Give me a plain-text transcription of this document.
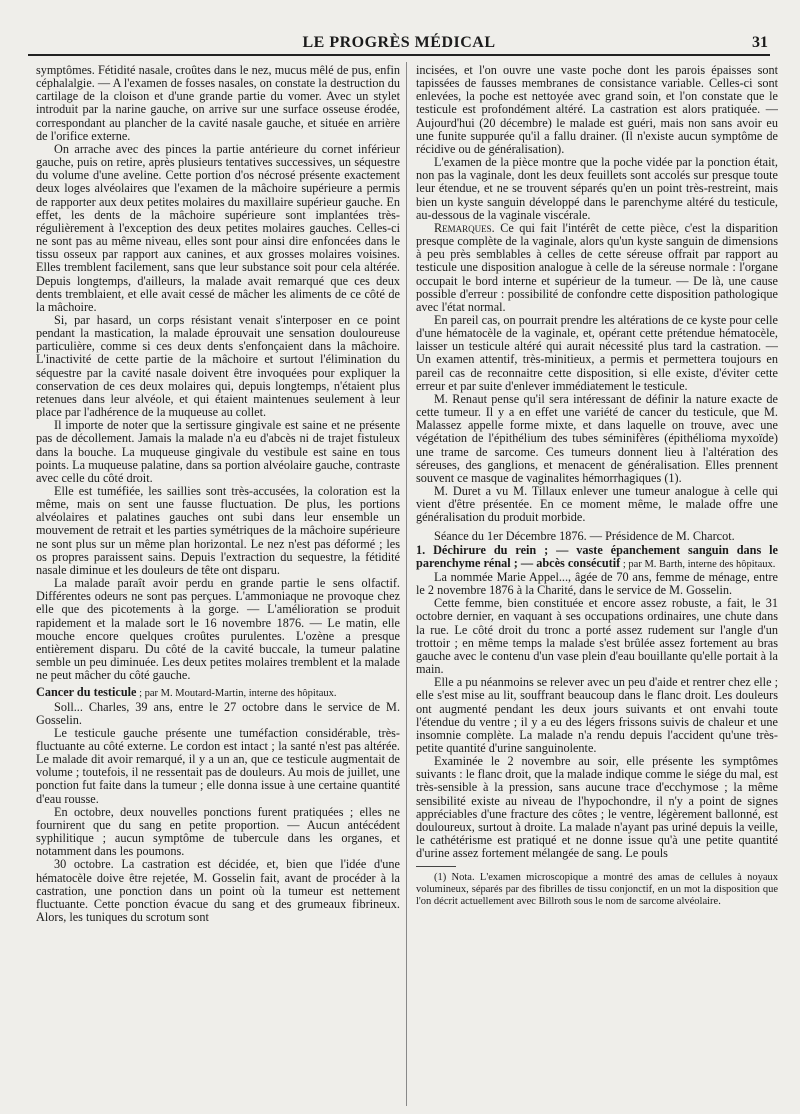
LE PROGRÈS MÉDICAL	31

symptômes. Fétidité nasale, croûtes dans le nez, mucus mêlé de pus, enfin céphalalgie. — A l'examen de fosses nasales, on constate la destruction du cartilage de la cloison et d'une grande partie du vomer. Avec un stylet introduit par la narine gauche, on arrive sur une surface osseuse érodée, correspondant au plancher de la cavité nasale gauche, et située en arrière de l'orifice externe.

On arrache avec des pinces la partie antérieure du cornet inférieur gauche, puis on retire, après plusieurs tentatives successives, un séquestre du volume d'une aveline. Cette portion d'os nécrosé présente exactement deux loges alvéolaires que l'examen de la mâchoire supérieure a permis de rapporter aux deux petites molaires du maxillaire supérieur gauche. En effet, les dents de la mâchoire supérieure sont implantées très-régulièrement à l'exception des deux petites molaires gauches. Celles-ci ne sont pas au même niveau, elles sont pour ainsi dire enfoncées dans le tissu osseux par rapport aux canines, et aux grosses molaires voisines. Elles tremblent facilement, sans que leur substance soit pour cela altérée. Depuis longtemps, d'ailleurs, la malade avait remarqué que ces deux dents tremblaient, et elle avait cessé de mâcher les aliments de ce côté de la mâchoire.

Si, par hasard, un corps résistant venait s'interposer en ce point pendant la mastication, la malade éprouvait une sensation douloureuse particulière, comme si ces deux dents s'enfonçaient dans la mâchoire. L'inactivité de cette partie de la mâchoire et surtout l'élimination du séquestre par la cavité nasale doivent être invoquées pour expliquer la conservation de ces deux molaires qui, depuis longtemps, n'étaient plus retenues dans leur alvéole, et qui étaient maintenues seulement à leur place par l'adhérence de la muqueuse au collet.

Il importe de noter que la sertissure gingivale est saine et ne présente pas de décollement. Jamais la malade n'a eu d'abcès ni de trajet fistuleux dans la bouche. La muqueuse gingivale du vestibule est saine en tous points. La muqueuse palatine, dans sa portion alvéolaire gauche, contraste avec celle du côté droit.

Elle est tuméfiée, les saillies sont très-accusées, la coloration est la même, mais on sent une fausse fluctuation. De plus, les portions alvéolaires et palatines gauches ont subi dans leur ensemble un mouvement de retrait et les parties symétriques de la mâchoire supérieure ne sont plus sur un même plan horizontal. Le nez n'est pas déformé ; les os propres paraissent sains. Depuis l'extraction du sequestre, la fétidité nasale diminue et les douleurs de tête ont disparu.

La malade paraît avoir perdu en grande partie le sens olfactif. Différentes odeurs ne sont pas perçues. L'ammoniaque ne provoque chez elle que des picotements à la gorge. — L'amélioration se produit rapidement et la malade sort le 16 novembre 1876. — Le matin, elle mouche encore quelques croûtes purulentes. L'ozène a presque entièrement disparu. Du côté de la cavité buccale, la tumeur palatine semble un peu diminuée. Les deux petites molaires tremblent et la malade ne peut mâcher du côté gauche.

Cancer du testicule ; par M. Moutard-Martin, interne des hôpitaux.

Soll... Charles, 39 ans, entre le 27 octobre dans le service de M. Gosselin.

Le testicule gauche présente une tuméfaction considérable, très-fluctuante au côté externe. Le cordon est intact ; la santé n'est pas altérée. Le malade dit avoir remarqué, il y a un an, que ce testicule augmentait de volume ; toutefois, il ne ressentait pas de douleurs. Au mois de juillet, une ponction fut faite dans la tumeur ; elle donna issue à une certaine quantité d'eau rousse.

En octobre, deux nouvelles ponctions furent pratiquées ; elles ne fournirent que du sang en petite proportion. — Aucun antécédent syphilitique ; aucun symptôme de tubercule dans les organes, et notamment dans les poumons.

30 octobre. La castration est décidée, et, bien que l'idée d'une hématocèle doive être rejetée, M. Gosselin fait, avant de procéder à la castration, une ponction dans un point où la tumeur est nettement fluctuante. Cette ponction évacue du sang et des grumeaux fibrineux. Alors, les tuniques du scrotum sont

incisées, et l'on ouvre une vaste poche dont les parois épaisses sont tapissées de fausses membranes de consistance variable. Celles-ci sont enlevées, la poche est nettoyée avec grand soin, et l'on constate que le testicule est profondément altéré. La castration est alors pratiquée. — Aujourd'hui (20 décembre) le malade est guéri, mais non sans avoir eu une funite suppurée qu'il a fallu drainer. (Il n'existe aucun symptôme de récidive ou de généralisation).

L'examen de la pièce montre que la poche vidée par la ponction était, non pas la vaginale, dont les deux feuillets sont accolés sur presque toute leur étendue, et ne se trouvent séparés qu'en un point très-restreint, mais bien un kyste sanguin développé dans le parenchyme altéré du testicule, au-dessous de la vaginale viscérale.

Remarques. Ce qui fait l'intérêt de cette pièce, c'est la disparition presque complète de la vaginale, alors qu'un kyste sanguin de dimensions à peu près semblables à celles de cette séreuse offrait par rapport au testicule une disposition analogue à celle de la séreuse normale : l'organe occupait le bord interne et supérieur de la tumeur. — De là, une cause possible d'erreur : possibilité de confondre cette disposition pathologique avec l'état normal.

En pareil cas, on pourrait prendre les altérations de ce kyste pour celle d'une hématocèle de la vaginale, et, opérant cette prétendue hématocèle, laisser un testicule altéré qui aurait nécessité plus tard la castration. — Un examen attentif, très-minitieux, a permis et permettera toujours en pareil cas de reconnaitre cette disposition, si elle existe, d'éviter cette erreur et par suite d'enlever immédiatement le testicule.

M. Renaut pense qu'il sera intéressant de définir la nature exacte de cette tumeur. Il y a en effet une variété de cancer du testicule, que M. Malassez appelle forme mixte, et dans laquelle on trouve, avec une végétation de l'épithélium des tubes séminifères (épithélioma myxoïde) une trame de sarcome. Ces tumeurs donnent lieu à l'altération des séreuses, des ganglions, et menacent de généralisation. Elles prennent souvent ce masque de vaginalites hémorrhagiques (1).

M. Duret a vu M. Tillaux enlever une tumeur analogue à celle qui vient d'être présentée. En ce moment même, le malade offre une généralisation du produit morbide.

Séance du 1er Décembre 1876. — Présidence de M. Charcot.

1. Déchirure du rein ; — vaste épanchement sanguin dans le parenchyme rénal ; — abcès consécutif ; par M. Barth, interne des hôpitaux.

La nommée Marie Appel..., âgée de 70 ans, femme de ménage, entre le 2 novembre 1876 à la Charité, dans le service de M. Gosselin.

Cette femme, bien constituée et encore assez robuste, a fait, le 31 octobre dernier, en vaquant à ses occupations ordinaires, une chute dans la rue. Le côté droit du tronc a porté assez rudement sur l'angle d'un trottoir ; en même temps la malade s'est brûlée assez fortement au bras gauche avec le contenu d'un vase plein d'eau bouillante qu'elle portait à la main.

Elle a pu néanmoins se relever avec un peu d'aide et rentrer chez elle ; elle s'est mise au lit, souffrant beaucoup dans le flanc droit. Les douleurs ont augmenté pendant les deux jours suivants et ont envahi toute l'étendue du ventre ; il y a eu des légers frissons suivis de chaleur et une insomnie complète. La malade n'a rendu depuis l'accident qu'une très-petite quantité d'urine sanguinolente.

Examinée le 2 novembre au soir, elle présente les symptômes suivants : le flanc droit, que la malade indique comme le siége du mal, est très-sensible à la pression, sans aucune trace d'ecchymose ; la même sensibilité existe au niveau de l'hypochondre, il n'y a point de signes appréciables d'une fracture des côtes ; le ventre, légèrement ballonné, est douloureux, surtout à droite. La malade n'ayant pas uriné depuis la veille, le cathétérisme est pratiqué et ne donne issue qu'à une petite quantité d'urine assez fortement mélangée de sang. Le pouls

(1) Nota. L'examen microscopique a montré des amas de cellules à noyaux volumineux, séparés par des fibrilles de tissu conjonctif, en un mot la disposition que l'on décrit actuellement avec Billroth sous le nom de sarcome alvéolaire.
